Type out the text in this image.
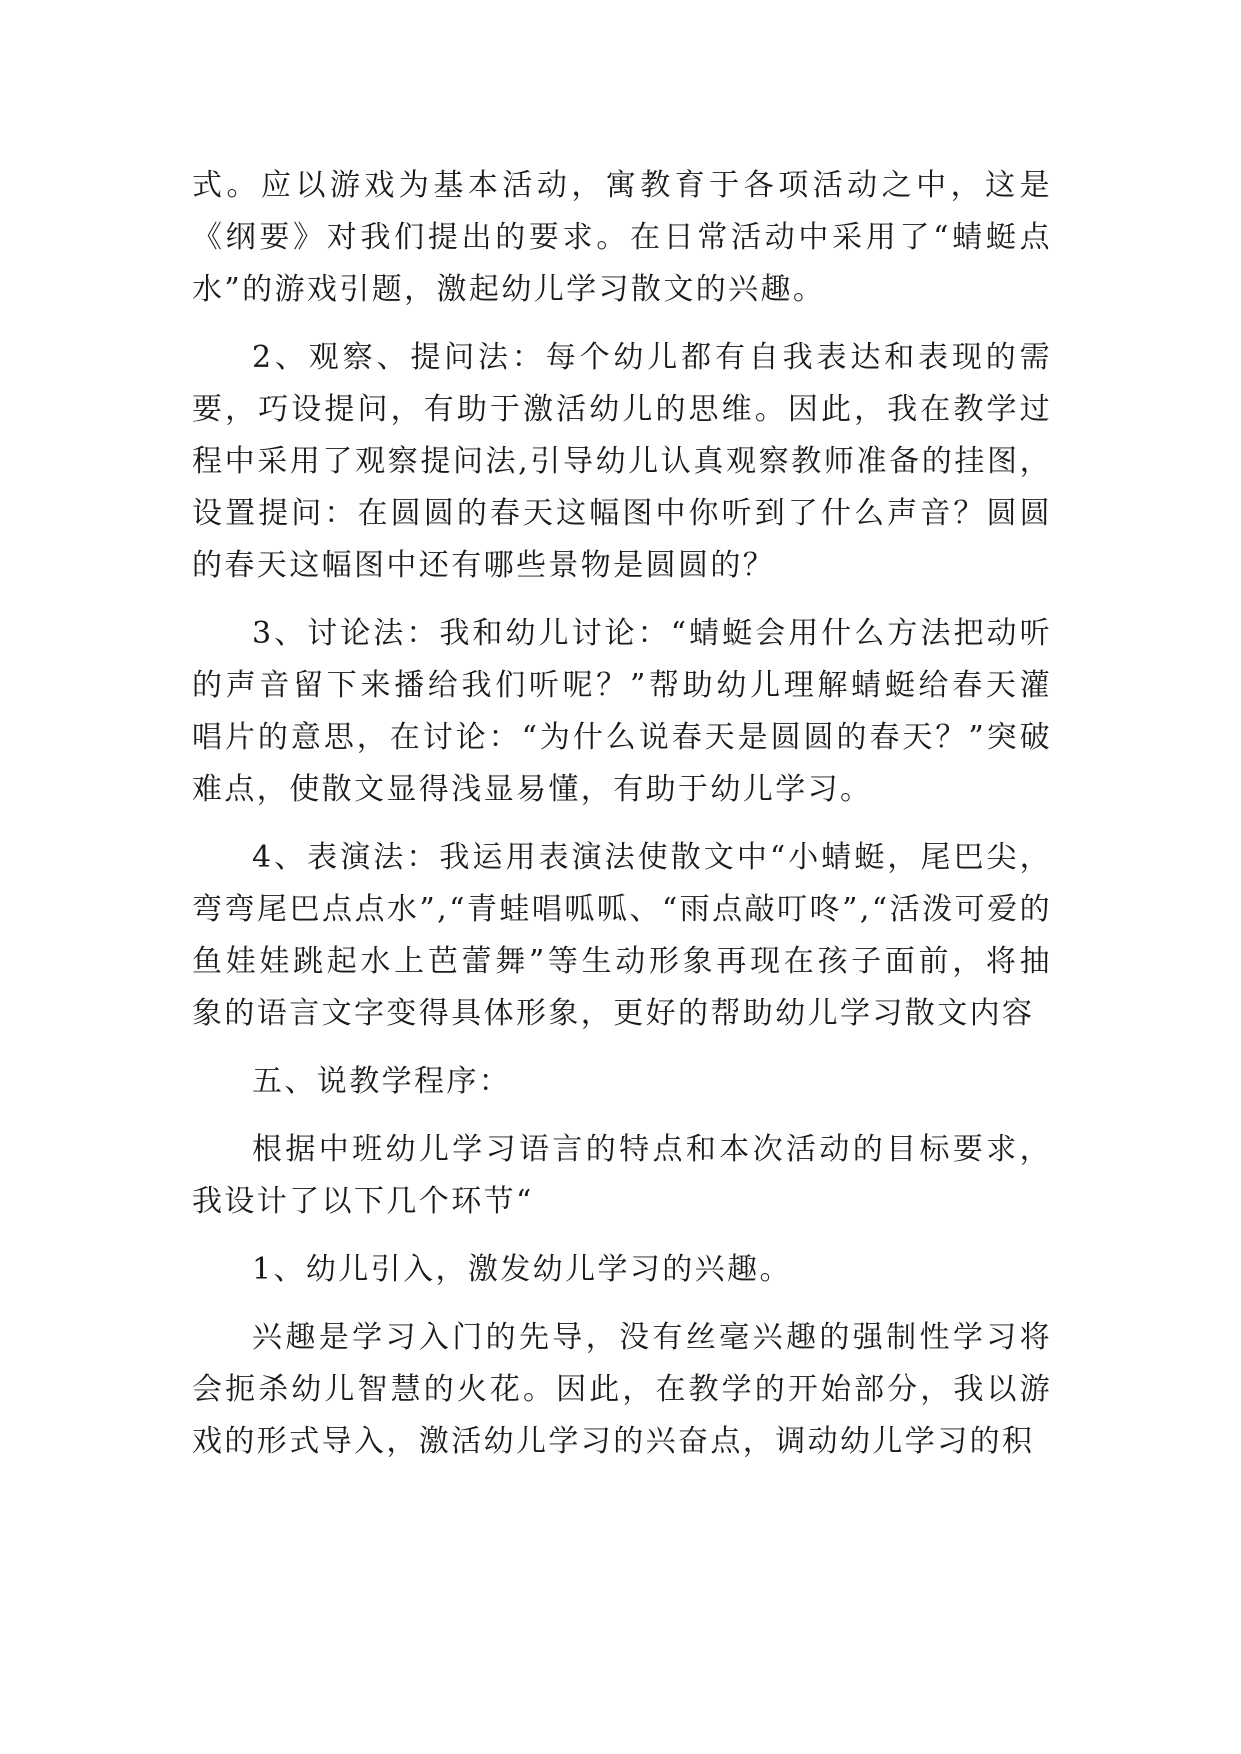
式。应以游戏为基本活动，寓教育于各项活动之中，这是《纲要》对我们提出的要求。在日常活动中采用了“蜻蜓点水”的游戏引题，激起幼儿学习散文的兴趣。

2、观察、提问法：每个幼儿都有自我表达和表现的需要，巧设提问，有助于激活幼儿的思维。因此，我在教学过程中采用了观察提问法,引导幼儿认真观察教师准备的挂图，设置提问：在圆圆的春天这幅图中你听到了什么声音？圆圆的春天这幅图中还有哪些景物是圆圆的？

3、讨论法：我和幼儿讨论：“蜻蜓会用什么方法把动听的声音留下来播给我们听呢？”帮助幼儿理解蜻蜓给春天灌唱片的意思，在讨论：“为什么说春天是圆圆的春天？”突破难点，使散文显得浅显易懂，有助于幼儿学习。

4、表演法：我运用表演法使散文中“小蜻蜓，尾巴尖，弯弯尾巴点点水”,“青蛙唱呱呱、“雨点敲叮咚”,“活泼可爱的鱼娃娃跳起水上芭蕾舞”等生动形象再现在孩子面前，将抽象的语言文字变得具体形象，更好的帮助幼儿学习散文内容

五、说教学程序：

根据中班幼儿学习语言的特点和本次活动的目标要求，我设计了以下几个环节“

1、幼儿引入，激发幼儿学习的兴趣。

兴趣是学习入门的先导，没有丝毫兴趣的强制性学习将会扼杀幼儿智慧的火花。因此，在教学的开始部分，我以游戏的形式导入，激活幼儿学习的兴奋点，调动幼儿学习的积
